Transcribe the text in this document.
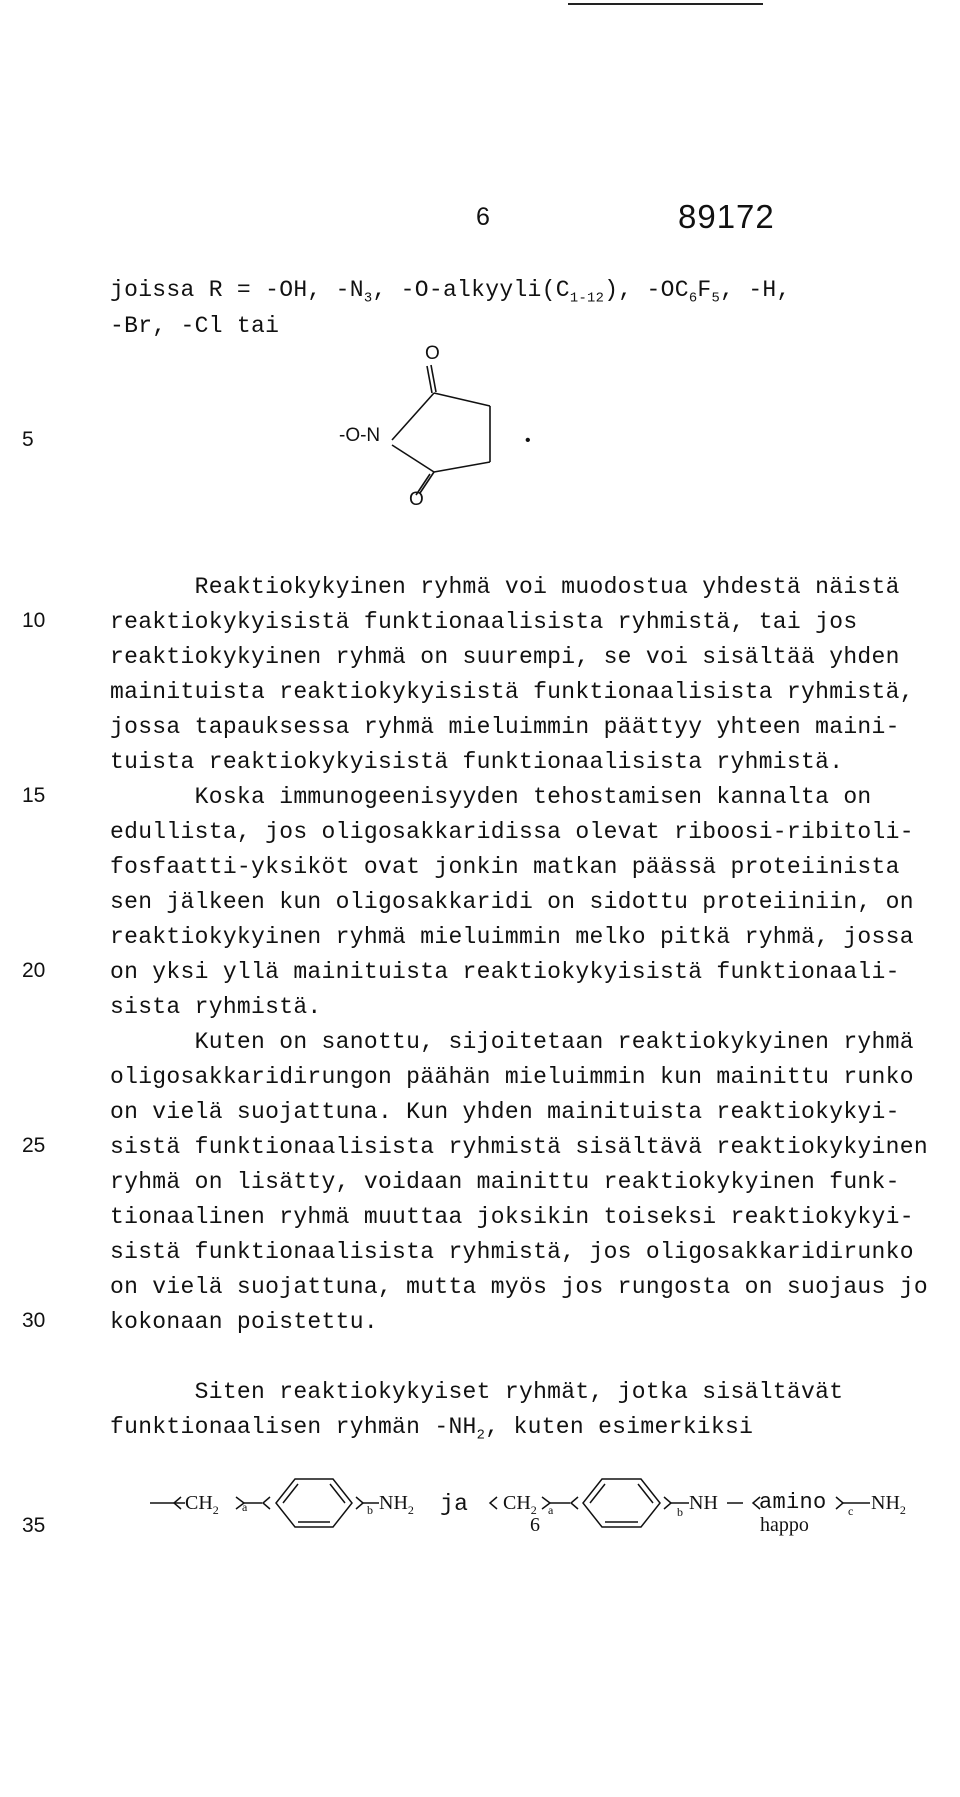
6	89172
joissa R = -OH, $-N_3$, $-O-alkyyli(C_{1-12})$, $-OC_6F_5$, -H,
-Br, -Cl tai
O
-O-N
O
•
Reaktiokykyinen ryhmä voi muodostua yhdestä näistä
reaktiokykyisistä funktionaalisista ryhmistä, tai jos
reaktiokykyinen ryhmä on suurempi, se voi sisältää yhden
mainituista reaktiokykyisistä funktionaalisista ryhmistä,
jossa tapauksessa ryhmä mieluimmin päättyy yhteen maini-
tuista reaktiokykyisistä funktionaalisista ryhmistä.
Koska immunogeenisyyden tehostamisen kannalta on
edullista, jos oligosakkaridissa olevat riboosi-ribitoli-
fosfaatti-yksiköt ovat jonkin matkan päässä proteiinista
sen jälkeen kun oligosakkaridi on sidottu proteiiniin, on
reaktiokykyinen ryhmä mieluimmin melko pitkä ryhmä, jossa
on yksi yllä mainituista reaktiokykyisistä funktionaali-
sista ryhmistä.
Kuten on sanottu, sijoitetaan reaktiokykyinen ryhmä
oligosakkaridirungon päähän mieluimmin kun mainittu runko
on vielä suojattuna. Kun yhden mainituista reaktiokykyi-
sistä funktionaalisista ryhmistä sisältävä reaktiokykyinen
ryhmä on lisätty, voidaan mainittu reaktiokykyinen funk-
tionaalinen ryhmä muuttaa joksikin toiseksi reaktiokykyi-
sistä funktionaalisista ryhmistä, jos oligosakkaridirunko
on vielä suojattuna, mutta myös jos rungosta on suojaus jo
kokonaan poistettu.
Siten reaktiokykyiset ryhmät, jotka sisältävät
funktionaalisen ryhmän $-NH_2$, kuten esimerkiksi
5
10
15
20
25
30
35
$CH_2$ a	b $NH_2$ ja $CH_2$ a
6
b NH amino
happo
c $NH_2$
